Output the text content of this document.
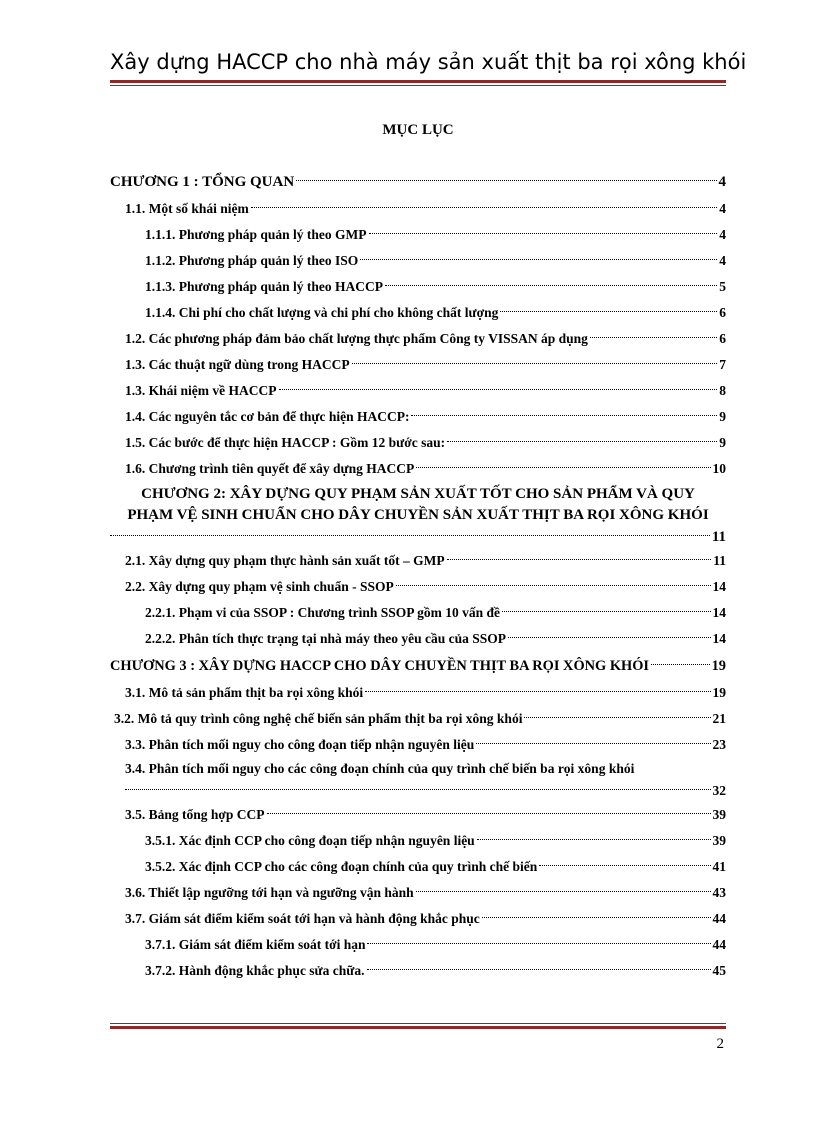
Xây dựng HACCP cho nhà máy sản xuất thịt ba rọi xông khói
MỤC LỤC
CHƯƠNG 1 : TỔNG QUAN	4
1.1. Một số khái niệm	4
1.1.1. Phương pháp quản lý theo GMP	4
1.1.2. Phương pháp quản lý theo ISO	4
1.1.3. Phương pháp quản lý theo HACCP	5
1.1.4. Chi phí cho chất lượng và chi phí cho không chất lượng	6
1.2. Các phương pháp đảm bảo chất lượng thực phẩm Công ty VISSAN áp dụng	6
1.3. Các thuật ngữ dùng trong HACCP	7
1.3. Khái niệm về HACCP	8
1.4. Các nguyên tắc cơ bản để thực hiện HACCP:	9
1.5. Các bước để thực hiện HACCP : Gồm 12 bước sau:	9
1.6. Chương trình tiên quyết để xây dựng HACCP	10
CHƯƠNG 2: XÂY DỰNG QUY PHẠM SẢN XUẤT TỐT CHO SẢN PHẨM VÀ QUY
PHẠM VỆ SINH CHUẨN CHO DÂY CHUYỀN SẢN XUẤT THỊT BA RỌI XÔNG KHÓI
11
2.1. Xây dựng quy phạm thực hành sản xuất tốt – GMP	11
2.2. Xây dựng quy phạm vệ sinh chuẩn - SSOP	14
2.2.1. Phạm vi của SSOP : Chương trình SSOP gồm 10 vấn đề	14
2.2.2. Phân tích thực trạng tại nhà máy theo yêu cầu của SSOP	14
CHƯƠNG 3 : XÂY DỰNG HACCP CHO DÂY CHUYỀN THỊT BA RỌI XÔNG KHÓI	19
3.1. Mô tả sản phẩm thịt ba rọi xông khói	19
3.2. Mô tả quy trình công nghệ chế biến sản phẩm thịt ba rọi xông khói	21
3.3. Phân tích mối nguy cho công đoạn tiếp nhận nguyên liệu	23
3.4. Phân tích mối nguy cho các công đoạn chính của quy trình chế biến ba rọi xông khói
32
3.5. Bảng tổng hợp CCP	39
3.5.1. Xác định CCP cho công đoạn tiếp nhận nguyên liệu	39
3.5.2. Xác định CCP cho các công đoạn chính của quy trình chế biến	41
3.6. Thiết lập ngưỡng tới hạn và ngưỡng vận hành	43
3.7. Giám sát điểm kiểm soát tới hạn và hành động khắc phục	44
3.7.1. Giám sát điểm kiểm soát tới hạn	44
3.7.2. Hành động khắc phục sửa chữa.	45
2
